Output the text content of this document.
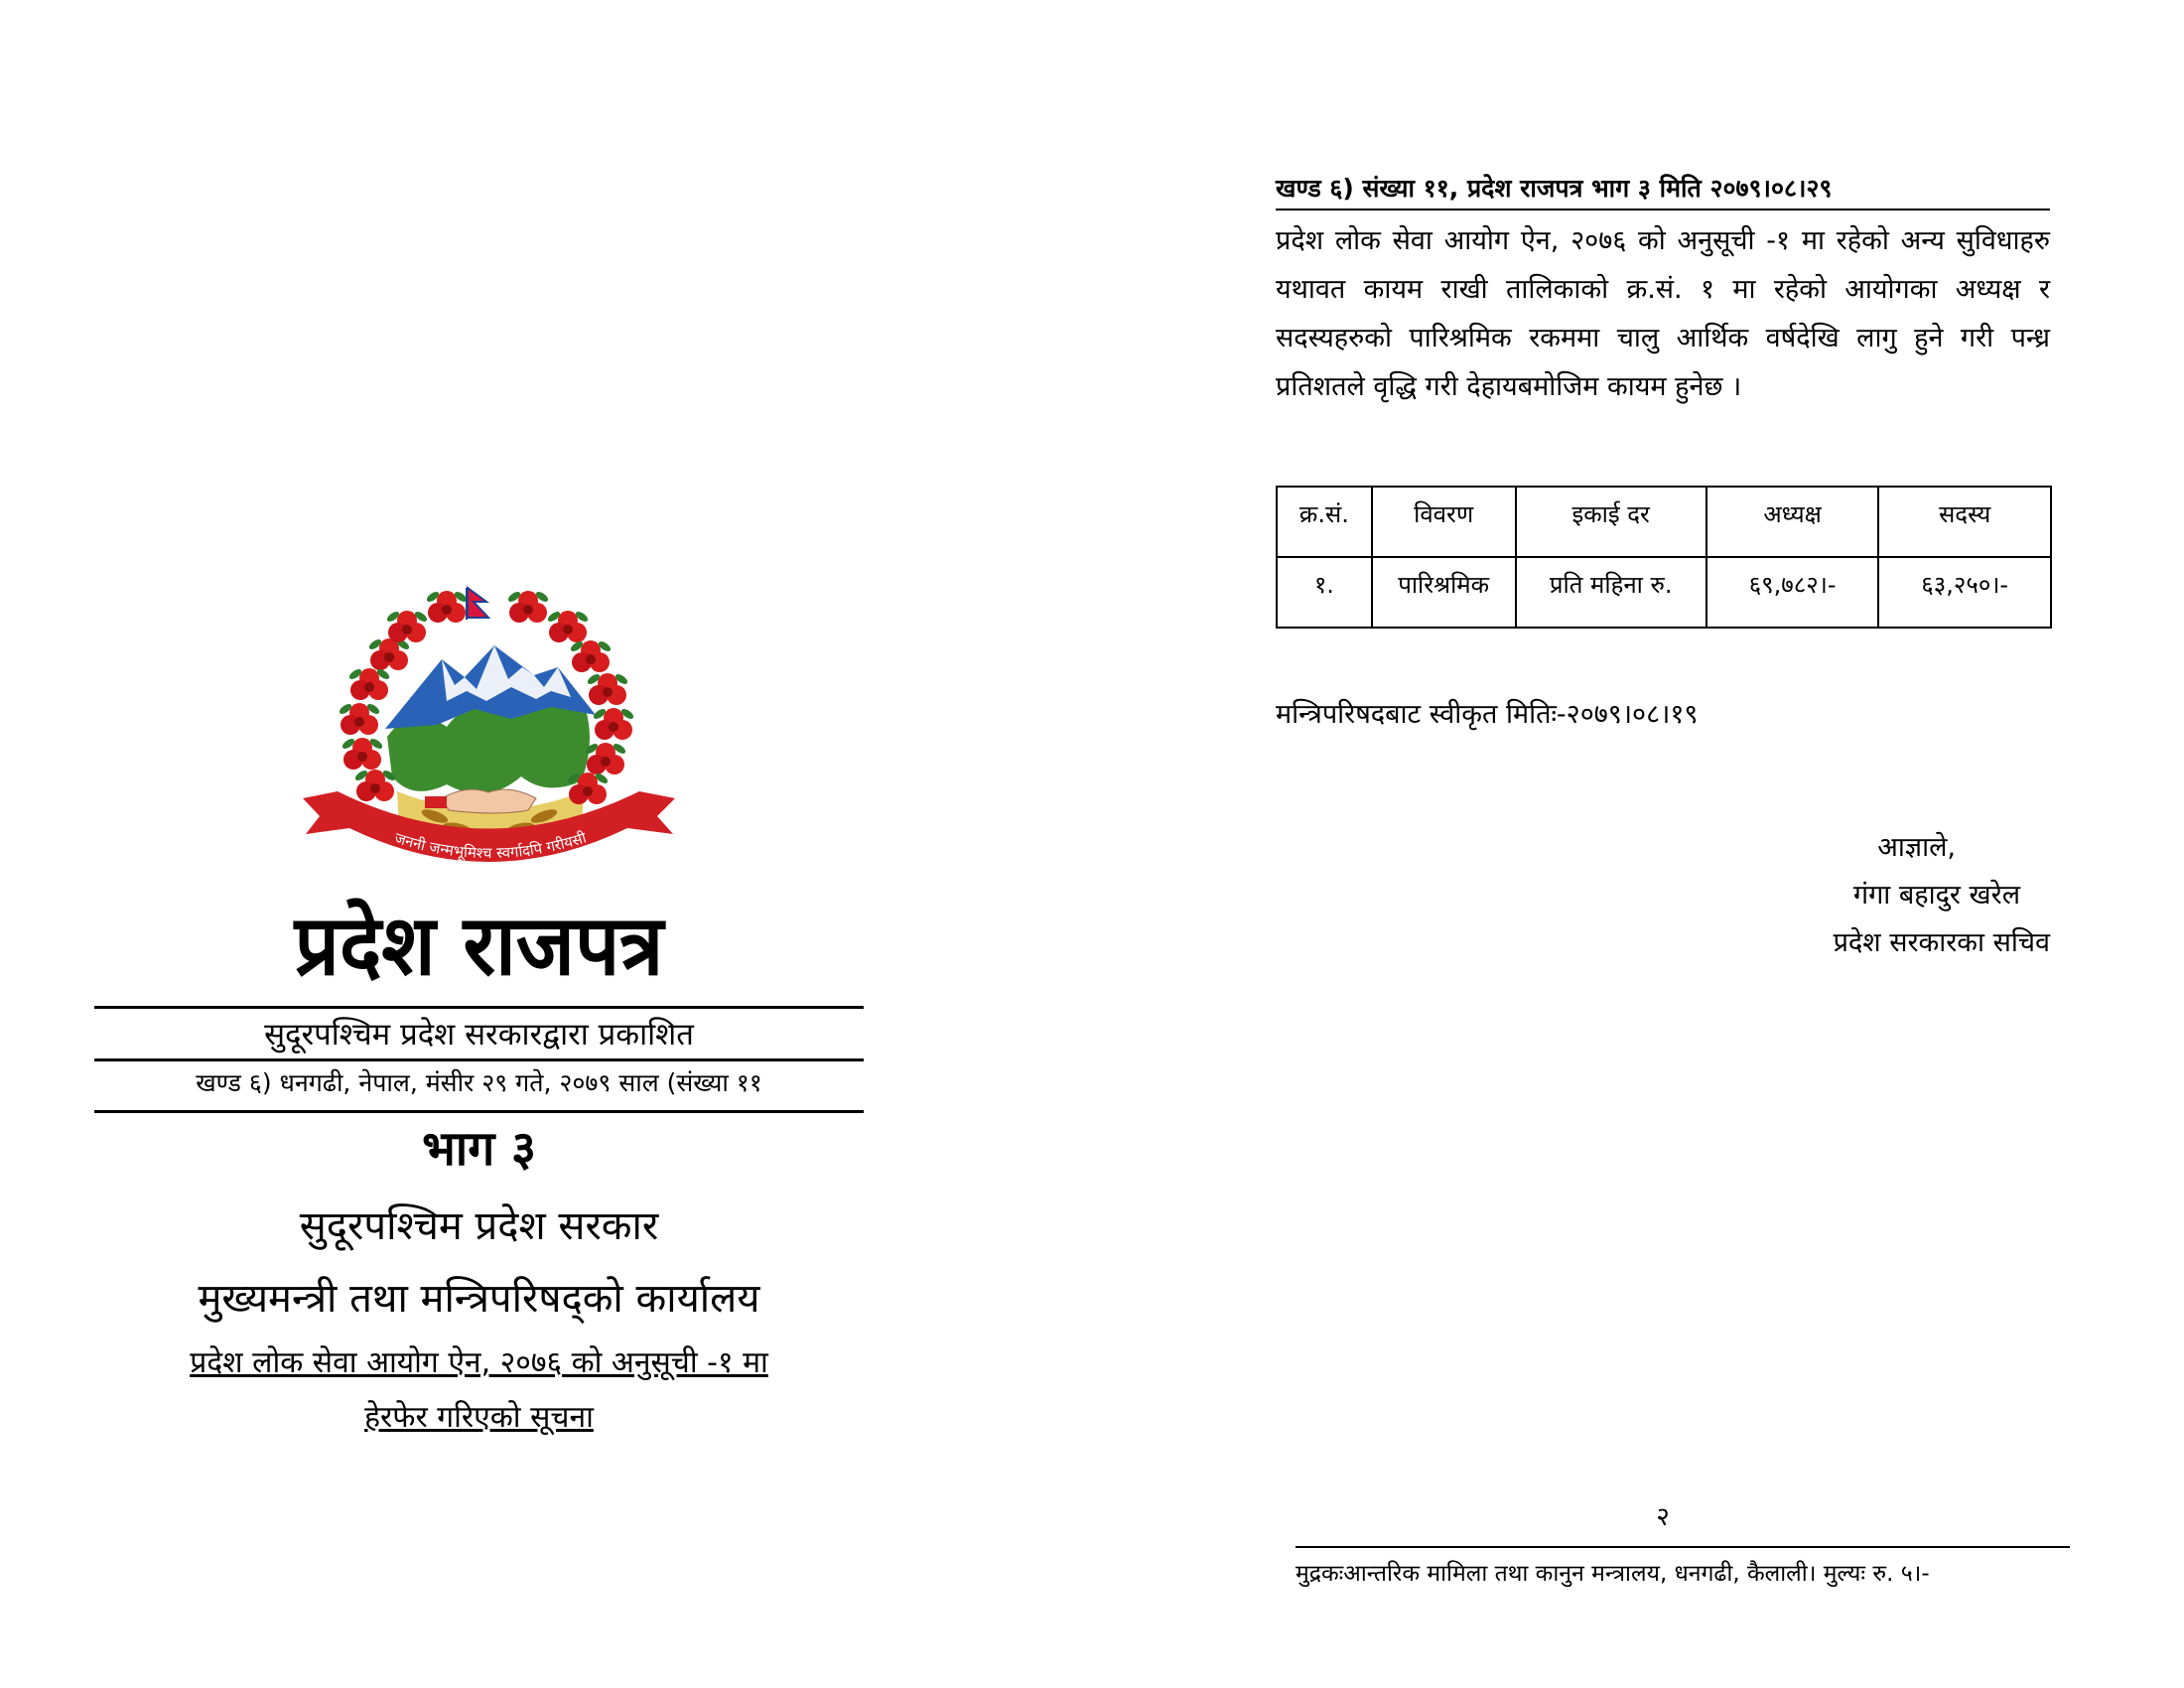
जननी जन्मभूमिश्च स्वर्गादपि गरीयसी
प्रदेश राजपत्र
सुदूरपश्चिम प्रदेश सरकारद्वारा प्रकाशित
खण्ड ६) धनगढी, नेपाल, मंसीर २९ गते, २०७९ साल (संख्या ११
भाग ३
सुदूरपश्चिम प्रदेश सरकार
मुख्यमन्त्री तथा मन्त्रिपरिषद्को कार्यालय
प्रदेश लोक सेवा आयोग ऐन, २०७६ को अनुसूची -१ मा
हेरफेर गरिएको सूचना
खण्ड ६) संख्या ११, प्रदेश राजपत्र भाग ३ मिति २०७९।०८।२९
प्रदेश लोक सेवा आयोग ऐन, २०७६ को अनुसूची -१ मा रहेको अन्य सुविधाहरु यथावत कायम राखी तालिकाको क्र.सं. १ मा रहेको आयोगका अध्यक्ष र सदस्यहरुको पारिश्रमिक रकममा चालु आर्थिक वर्षदेखि लागु हुने गरी पन्ध्र प्रतिशतले वृद्धि गरी देहायबमोजिम कायम हुनेछ ।
क्र.सं.	विवरण	इकाई दर	अध्यक्ष	सदस्य
१.	पारिश्रमिक	प्रति महिना रु.	६९,७८२।-	६३,२५०।-
मन्त्रिपरिषदबाट स्वीकृत मितिः-२०७९।०८।१९
आज्ञाले,
गंगा बहादुर खरेल
प्रदेश सरकारका सचिव
२
मुद्रकःआन्तरिक मामिला तथा कानुन मन्त्रालय, धनगढी, कैलाली। मुल्यः रु. ५।-
